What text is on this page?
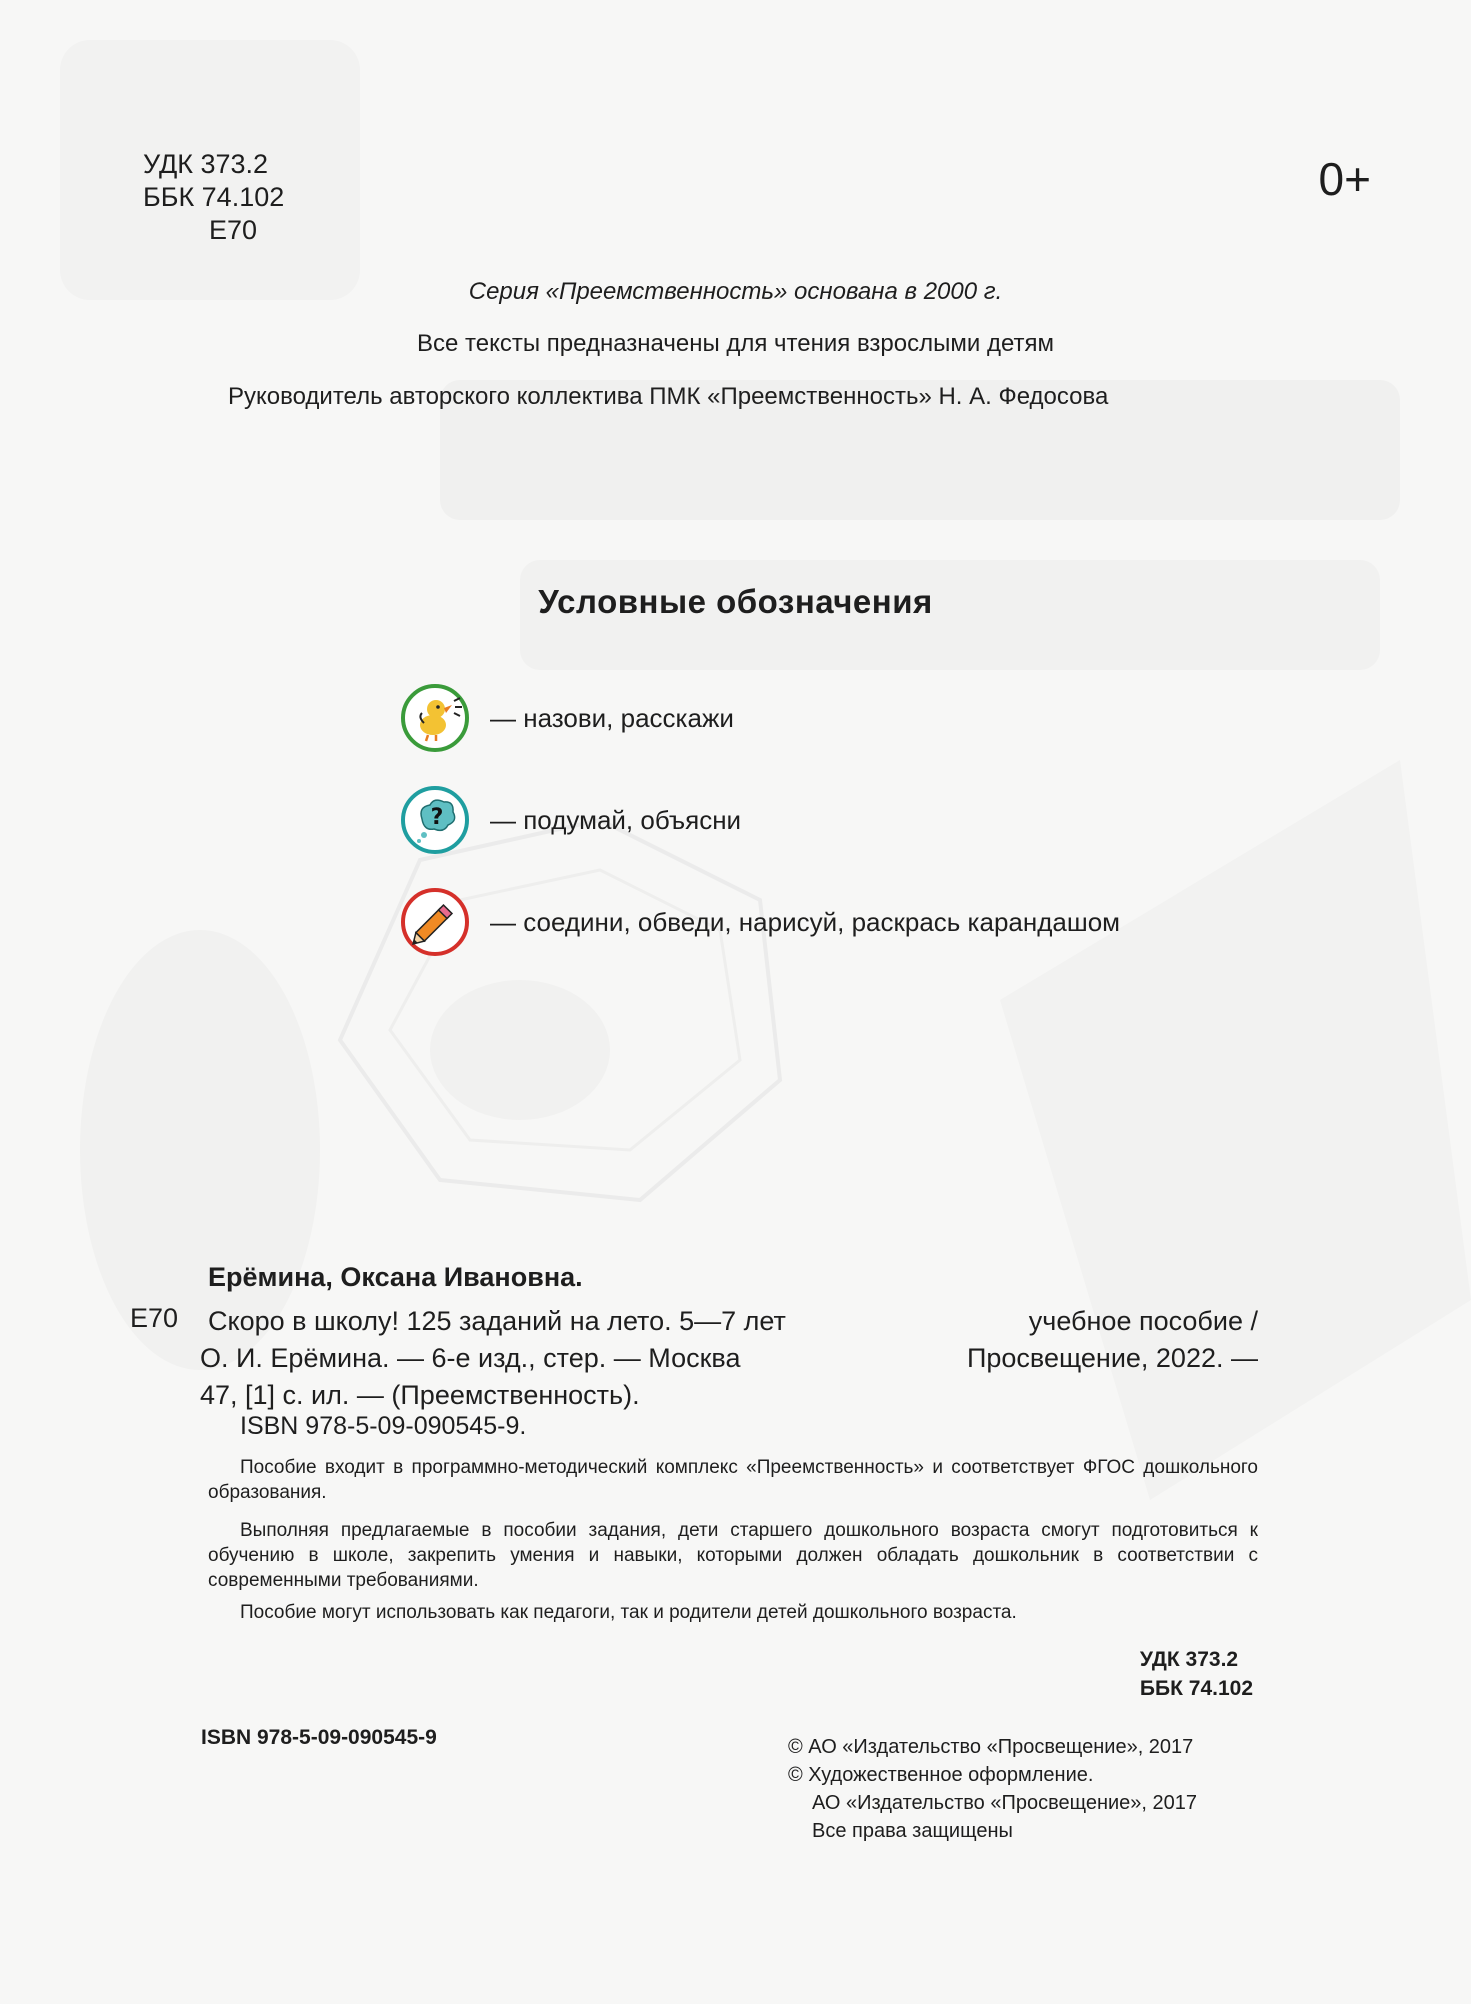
УДК 373.2
ББК 74.102
Е70
0+
Серия «Преемственность» основана в 2000 г.
Все тексты предназначены для чтения взрослыми детям
Руководитель авторского коллектива ПМК «Преемственность» Н. А. Федосова
Условные обозначения
— назови, расскажи
? — подумай, объясни
— соедини, обведи, нарисуй, раскрась карандашом
Ерёмина, Оксана Ивановна.
Е70 Скоро в школу! 125 заданий на лето. 5—7 лет	учебное пособие /
О. И. Ерёмина. — 6-е изд., стер. — Москва	Просвещение, 2022. —
47, [1] с. ил. — (Преемственность).
ISBN 978-5-09-090545-9.
Пособие входит в программно-методический комплекс «Преемственность» и соответствует ФГОС дошкольного образования.
Выполняя предлагаемые в пособии задания, дети старшего дошкольного возраста смогут подготовиться к обучению в школе, закрепить умения и навыки, которыми должен обладать дошкольник в соответствии с современными требованиями.
Пособие могут использовать как педагоги, так и родители детей дошкольного возраста.
УДК 373.2
ББК 74.102
ISBN 978-5-09-090545-9	© АО «Издательство «Просвещение», 2017
© Художественное оформление.
АО «Издательство «Просвещение», 2017
Все права защищены
